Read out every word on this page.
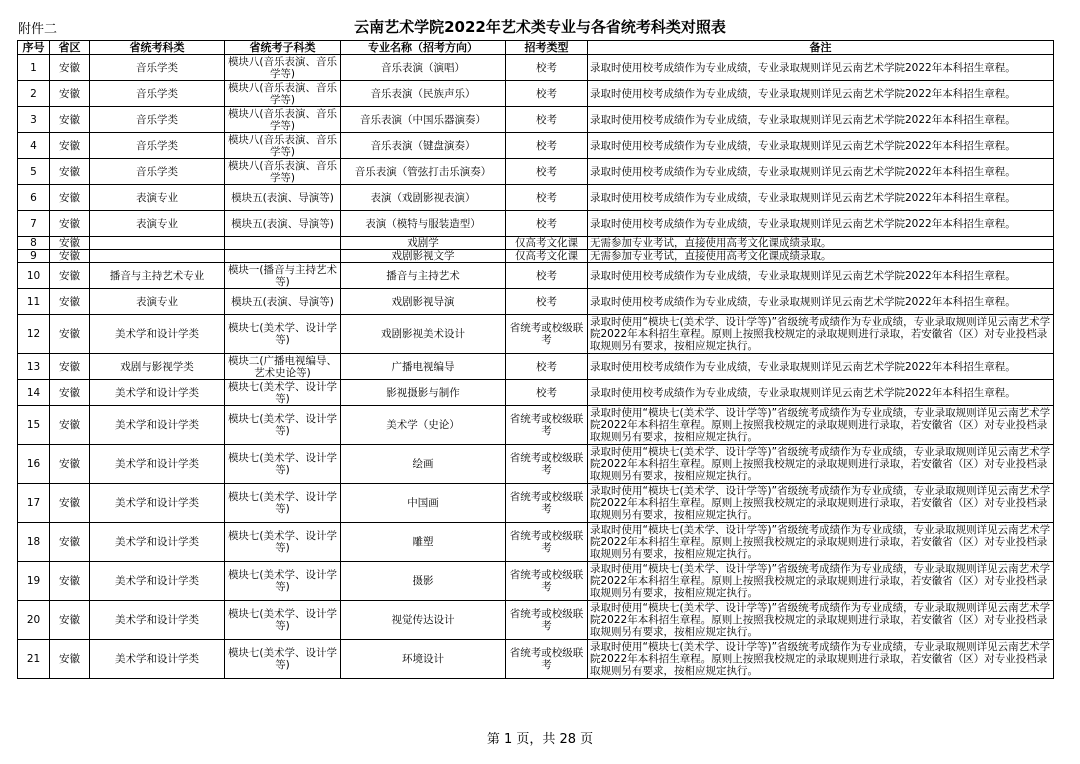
附件二	云南艺术学院2022年艺术类专业与各省统考科类对照表
序号	省区	省统考科类	省统考子科类	专业名称（招考方向）	招考类型	备注
1	安徽	音乐学类	模块八(音乐表演、音乐学等)	音乐表演（演唱）	校考	录取时使用校考成绩作为专业成绩，专业录取规则详见云南艺术学院2022年本科招生章程。
2	安徽	音乐学类	模块八(音乐表演、音乐学等)	音乐表演（民族声乐）	校考	录取时使用校考成绩作为专业成绩，专业录取规则详见云南艺术学院2022年本科招生章程。
3	安徽	音乐学类	模块八(音乐表演、音乐学等)	音乐表演（中国乐器演奏）	校考	录取时使用校考成绩作为专业成绩，专业录取规则详见云南艺术学院2022年本科招生章程。
4	安徽	音乐学类	模块八(音乐表演、音乐学等)	音乐表演（键盘演奏）	校考	录取时使用校考成绩作为专业成绩，专业录取规则详见云南艺术学院2022年本科招生章程。
5	安徽	音乐学类	模块八(音乐表演、音乐学等)	音乐表演（管弦打击乐演奏）	校考	录取时使用校考成绩作为专业成绩，专业录取规则详见云南艺术学院2022年本科招生章程。
6	安徽	表演专业	模块五(表演、导演等)	表演（戏剧影视表演）	校考	录取时使用校考成绩作为专业成绩，专业录取规则详见云南艺术学院2022年本科招生章程。
7	安徽	表演专业	模块五(表演、导演等)	表演（模特与服装造型）	校考	录取时使用校考成绩作为专业成绩，专业录取规则详见云南艺术学院2022年本科招生章程。
8	安徽			戏剧学	仅高考文化课	无需参加专业考试，直接使用高考文化课成绩录取。
9	安徽			戏剧影视文学	仅高考文化课	无需参加专业考试，直接使用高考文化课成绩录取。
10	安徽	播音与主持艺术专业	模块一(播音与主持艺术等)	播音与主持艺术	校考	录取时使用校考成绩作为专业成绩，专业录取规则详见云南艺术学院2022年本科招生章程。
11	安徽	表演专业	模块五(表演、导演等)	戏剧影视导演	校考	录取时使用校考成绩作为专业成绩，专业录取规则详见云南艺术学院2022年本科招生章程。
12	安徽	美术学和设计学类	模块七(美术学、设计学等)	戏剧影视美术设计	省统考或校级联考	录取时使用“模块七(美术学、设计学等)”省级统考成绩作为专业成绩，专业录取规则详见云南艺术学院2022年本科招生章程。原则上按照我校规定的录取规则进行录取，若安徽省（区）对专业投档录取规则另有要求，按相应规定执行。
13	安徽	戏剧与影视学类	模块二(广播电视编导、艺术史论等)	广播电视编导	校考	录取时使用校考成绩作为专业成绩，专业录取规则详见云南艺术学院2022年本科招生章程。
14	安徽	美术学和设计学类	模块七(美术学、设计学等)	影视摄影与制作	校考	录取时使用校考成绩作为专业成绩，专业录取规则详见云南艺术学院2022年本科招生章程。
15	安徽	美术学和设计学类	模块七(美术学、设计学等)	美术学（史论）	省统考或校级联考	录取时使用“模块七(美术学、设计学等)”省级统考成绩作为专业成绩，专业录取规则详见云南艺术学院2022年本科招生章程。原则上按照我校规定的录取规则进行录取，若安徽省（区）对专业投档录取规则另有要求，按相应规定执行。
16	安徽	美术学和设计学类	模块七(美术学、设计学等)	绘画	省统考或校级联考	录取时使用“模块七(美术学、设计学等)”省级统考成绩作为专业成绩，专业录取规则详见云南艺术学院2022年本科招生章程。原则上按照我校规定的录取规则进行录取，若安徽省（区）对专业投档录取规则另有要求，按相应规定执行。
17	安徽	美术学和设计学类	模块七(美术学、设计学等)	中国画	省统考或校级联考	录取时使用“模块七(美术学、设计学等)”省级统考成绩作为专业成绩，专业录取规则详见云南艺术学院2022年本科招生章程。原则上按照我校规定的录取规则进行录取，若安徽省（区）对专业投档录取规则另有要求，按相应规定执行。
18	安徽	美术学和设计学类	模块七(美术学、设计学等)	雕塑	省统考或校级联考	录取时使用“模块七(美术学、设计学等)”省级统考成绩作为专业成绩，专业录取规则详见云南艺术学院2022年本科招生章程。原则上按照我校规定的录取规则进行录取，若安徽省（区）对专业投档录取规则另有要求，按相应规定执行。
19	安徽	美术学和设计学类	模块七(美术学、设计学等)	摄影	省统考或校级联考	录取时使用“模块七(美术学、设计学等)”省级统考成绩作为专业成绩，专业录取规则详见云南艺术学院2022年本科招生章程。原则上按照我校规定的录取规则进行录取，若安徽省（区）对专业投档录取规则另有要求，按相应规定执行。
20	安徽	美术学和设计学类	模块七(美术学、设计学等)	视觉传达设计	省统考或校级联考	录取时使用“模块七(美术学、设计学等)”省级统考成绩作为专业成绩，专业录取规则详见云南艺术学院2022年本科招生章程。原则上按照我校规定的录取规则进行录取，若安徽省（区）对专业投档录取规则另有要求，按相应规定执行。
21	安徽	美术学和设计学类	模块七(美术学、设计学等)	环境设计	省统考或校级联考	录取时使用“模块七(美术学、设计学等)”省级统考成绩作为专业成绩，专业录取规则详见云南艺术学院2022年本科招生章程。原则上按照我校规定的录取规则进行录取，若安徽省（区）对专业投档录取规则另有要求，按相应规定执行。
第 1 页，共 28 页
